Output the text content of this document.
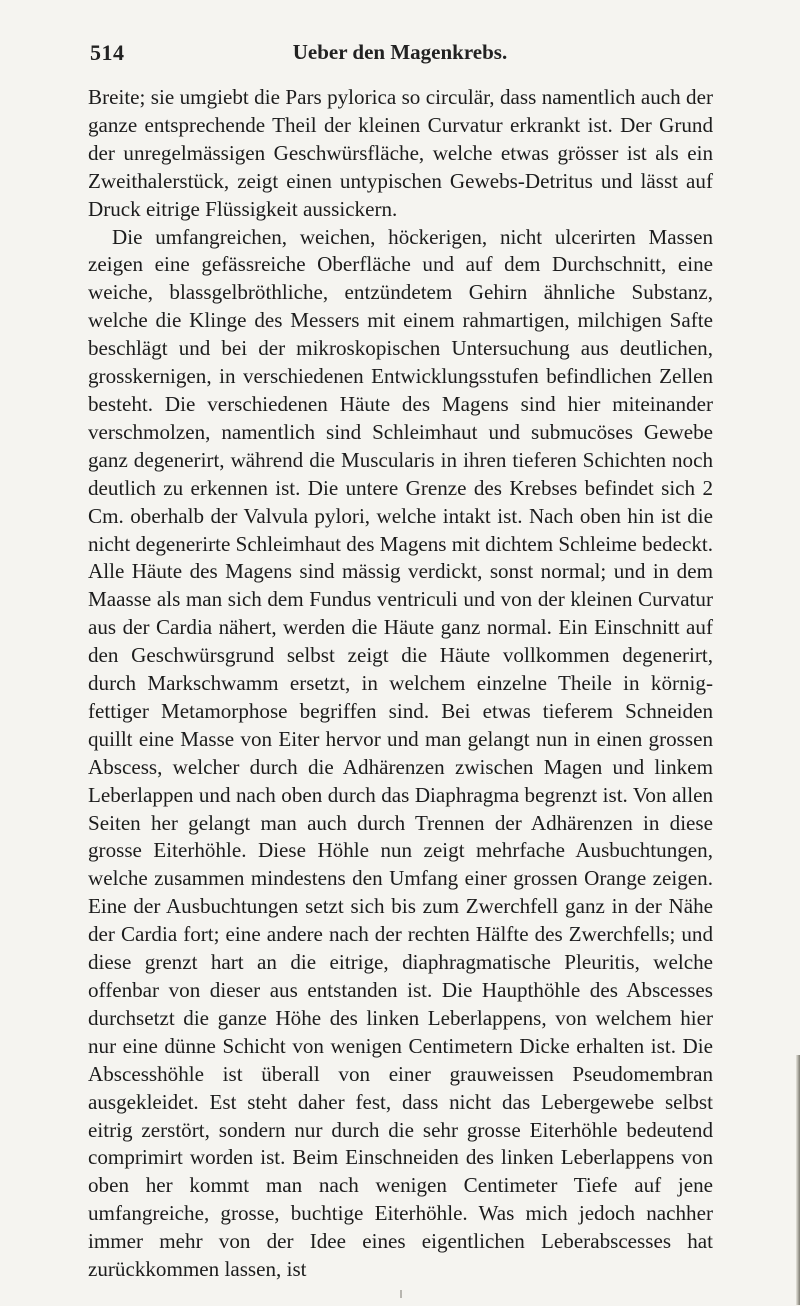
514	Ueber den Magenkrebs.

Breite; sie umgiebt die Pars pylorica so circulär, dass namentlich auch der ganze entsprechende Theil der kleinen Curvatur erkrankt ist. Der Grund der unregelmässigen Geschwürsfläche, welche etwas grösser ist als ein Zweithalerstück, zeigt einen untypischen Gewebs-Detritus und lässt auf Druck eitrige Flüssigkeit aussickern.

Die umfangreichen, weichen, höckerigen, nicht ulcerirten Massen zeigen eine gefässreiche Oberfläche und auf dem Durchschnitt, eine weiche, blassgelbröthliche, entzündetem Gehirn ähnliche Substanz, welche die Klinge des Messers mit einem rahmartigen, milchigen Safte beschlägt und bei der mikroskopischen Untersuchung aus deutlichen, grosskernigen, in verschiedenen Entwicklungsstufen befindlichen Zellen besteht. Die verschiedenen Häute des Magens sind hier miteinander verschmolzen, namentlich sind Schleimhaut und submucöses Gewebe ganz degenerirt, während die Muscularis in ihren tieferen Schichten noch deutlich zu erkennen ist. Die untere Grenze des Krebses befindet sich 2 Cm. oberhalb der Valvula pylori, welche intakt ist. Nach oben hin ist die nicht degenerirte Schleimhaut des Magens mit dichtem Schleime bedeckt. Alle Häute des Magens sind mässig verdickt, sonst normal; und in dem Maasse als man sich dem Fundus ventriculi und von der kleinen Curvatur aus der Cardia nähert, werden die Häute ganz normal. Ein Einschnitt auf den Geschwürsgrund selbst zeigt die Häute vollkommen degenerirt, durch Markschwamm ersetzt, in welchem einzelne Theile in körnig-fettiger Metamorphose begriffen sind. Bei etwas tieferem Schneiden quillt eine Masse von Eiter hervor und man gelangt nun in einen grossen Abscess, welcher durch die Adhärenzen zwischen Magen und linkem Leberlappen und nach oben durch das Diaphragma begrenzt ist. Von allen Seiten her gelangt man auch durch Trennen der Adhärenzen in diese grosse Eiterhöhle. Diese Höhle nun zeigt mehrfache Ausbuchtungen, welche zusammen mindestens den Umfang einer grossen Orange zeigen. Eine der Ausbuchtungen setzt sich bis zum Zwerchfell ganz in der Nähe der Cardia fort; eine andere nach der rechten Hälfte des Zwerchfells; und diese grenzt hart an die eitrige, diaphragmatische Pleuritis, welche offenbar von dieser aus entstanden ist. Die Haupthöhle des Abscesses durchsetzt die ganze Höhe des linken Leberlappens, von welchem hier nur eine dünne Schicht von wenigen Centimetern Dicke erhalten ist. Die Abscesshöhle ist überall von einer grauweissen Pseudomembran ausgekleidet. Est steht daher fest, dass nicht das Lebergewebe selbst eitrig zerstört, sondern nur durch die sehr grosse Eiterhöhle bedeutend comprimirt worden ist. Beim Einschneiden des linken Leberlappens von oben her kommt man nach wenigen Centimeter Tiefe auf jene umfangreiche, grosse, buchtige Eiterhöhle. Was mich jedoch nachher immer mehr von der Idee eines eigentlichen Leberabscesses hat zurückkommen lassen, ist
